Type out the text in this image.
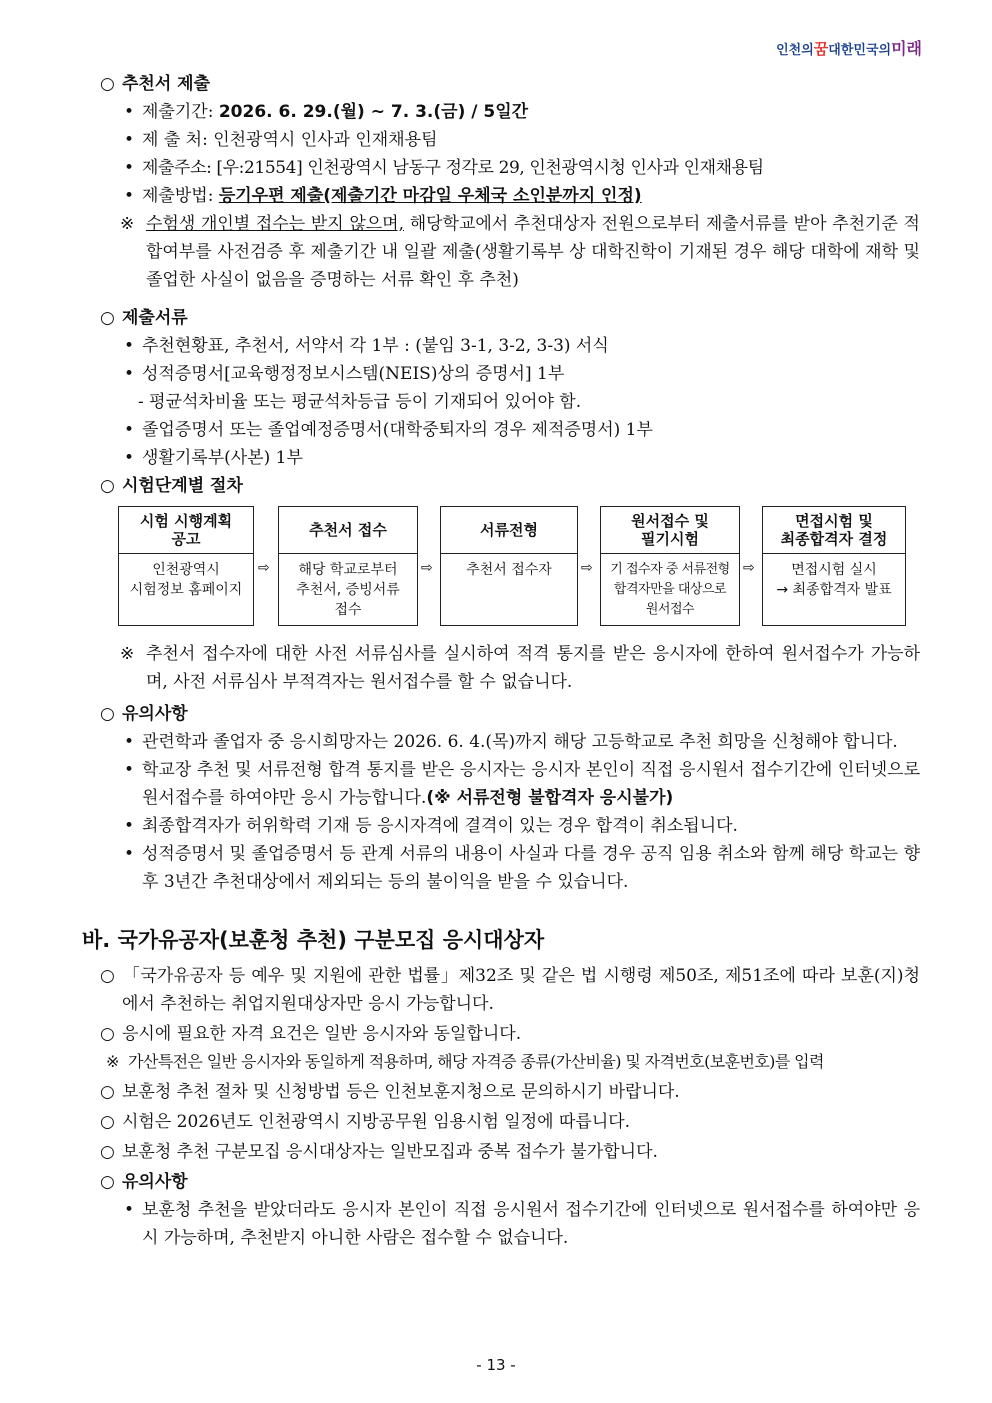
인천의꿈대한민국의미래
○ 추천서 제출
• 제출기간: 2026. 6. 29.(월) ~ 7. 3.(금) / 5일간
• 제 출 처: 인천광역시 인사과 인재채용팀
• 제출주소: [우:21554] 인천광역시 남동구 정각로 29, 인천광역시청 인사과 인재채용팀
• 제출방법: 등기우편 제출(제출기간 마감일 우체국 소인분까지 인정)
※ 수험생 개인별 접수는 받지 않으며, 해당학교에서 추천대상자 전원으로부터 제출서류를 받아 추천기준 적합여부를 사전검증 후 제출기간 내 일괄 제출(생활기록부 상 대학진학이 기재된 경우 해당 대학에 재학 및 졸업한 사실이 없음을 증명하는 서류 확인 후 추천)
○ 제출서류
• 추천현황표, 추천서, 서약서 각 1부 : (붙임 3-1, 3-2, 3-3) 서식
• 성적증명서[교육행정정보시스템(NEIS)상의 증명서] 1부
- 평균석차비율 또는 평균석차등급 등이 기재되어 있어야 함.
• 졸업증명서 또는 졸업예정증명서(대학중퇴자의 경우 제적증명서) 1부
• 생활기록부(사본) 1부
○ 시험단계별 절차
시험 시행계획
공고
인천광역시
시험정보 홈페이지
⇨
추천서 접수
해당 학교로부터
추천서, 증빙서류
접수
⇨
서류전형
추천서 접수자	⇨
원서접수 및
필기시험
기 접수자 중 서류전형
합격자만을 대상으로
원서접수
⇨
면접시험 및
최종합격자 결정
면접시험 실시
→ 최종합격자 발표
※ 추천서 접수자에 대한 사전 서류심사를 실시하여 적격 통지를 받은 응시자에 한하여 원서접수가 가능하며, 사전 서류심사 부적격자는 원서접수를 할 수 없습니다.
○ 유의사항
• 관련학과 졸업자 중 응시희망자는 2026. 6. 4.(목)까지 해당 고등학교로 추천 희망을 신청해야 합니다.
• 학교장 추천 및 서류전형 합격 통지를 받은 응시자는 응시자 본인이 직접 응시원서 접수기간에 인터넷으로 원서접수를 하여야만 응시 가능합니다.(※ 서류전형 불합격자 응시불가)
• 최종합격자가 허위학력 기재 등 응시자격에 결격이 있는 경우 합격이 취소됩니다.
• 성적증명서 및 졸업증명서 등 관계 서류의 내용이 사실과 다를 경우 공직 임용 취소와 함께 해당 학교는 향후 3년간 추천대상에서 제외되는 등의 불이익을 받을 수 있습니다.
바. 국가유공자(보훈청 추천) 구분모집 응시대상자
○ 「국가유공자 등 예우 및 지원에 관한 법률」제32조 및 같은 법 시행령 제50조, 제51조에 따라 보훈(지)청에서 추천하는 취업지원대상자만 응시 가능합니다.
○ 응시에 필요한 자격 요건은 일반 응시자와 동일합니다.
※ 가산특전은 일반 응시자와 동일하게 적용하며, 해당 자격증 종류(가산비율) 및 자격번호(보훈번호)를 입력
○ 보훈청 추천 절차 및 신청방법 등은 인천보훈지청으로 문의하시기 바랍니다.
○ 시험은 2026년도 인천광역시 지방공무원 임용시험 일정에 따릅니다.
○ 보훈청 추천 구분모집 응시대상자는 일반모집과 중복 접수가 불가합니다.
○ 유의사항
• 보훈청 추천을 받았더라도 응시자 본인이 직접 응시원서 접수기간에 인터넷으로 원서접수를 하여야만 응시 가능하며, 추천받지 아니한 사람은 접수할 수 없습니다.
- 13 -
